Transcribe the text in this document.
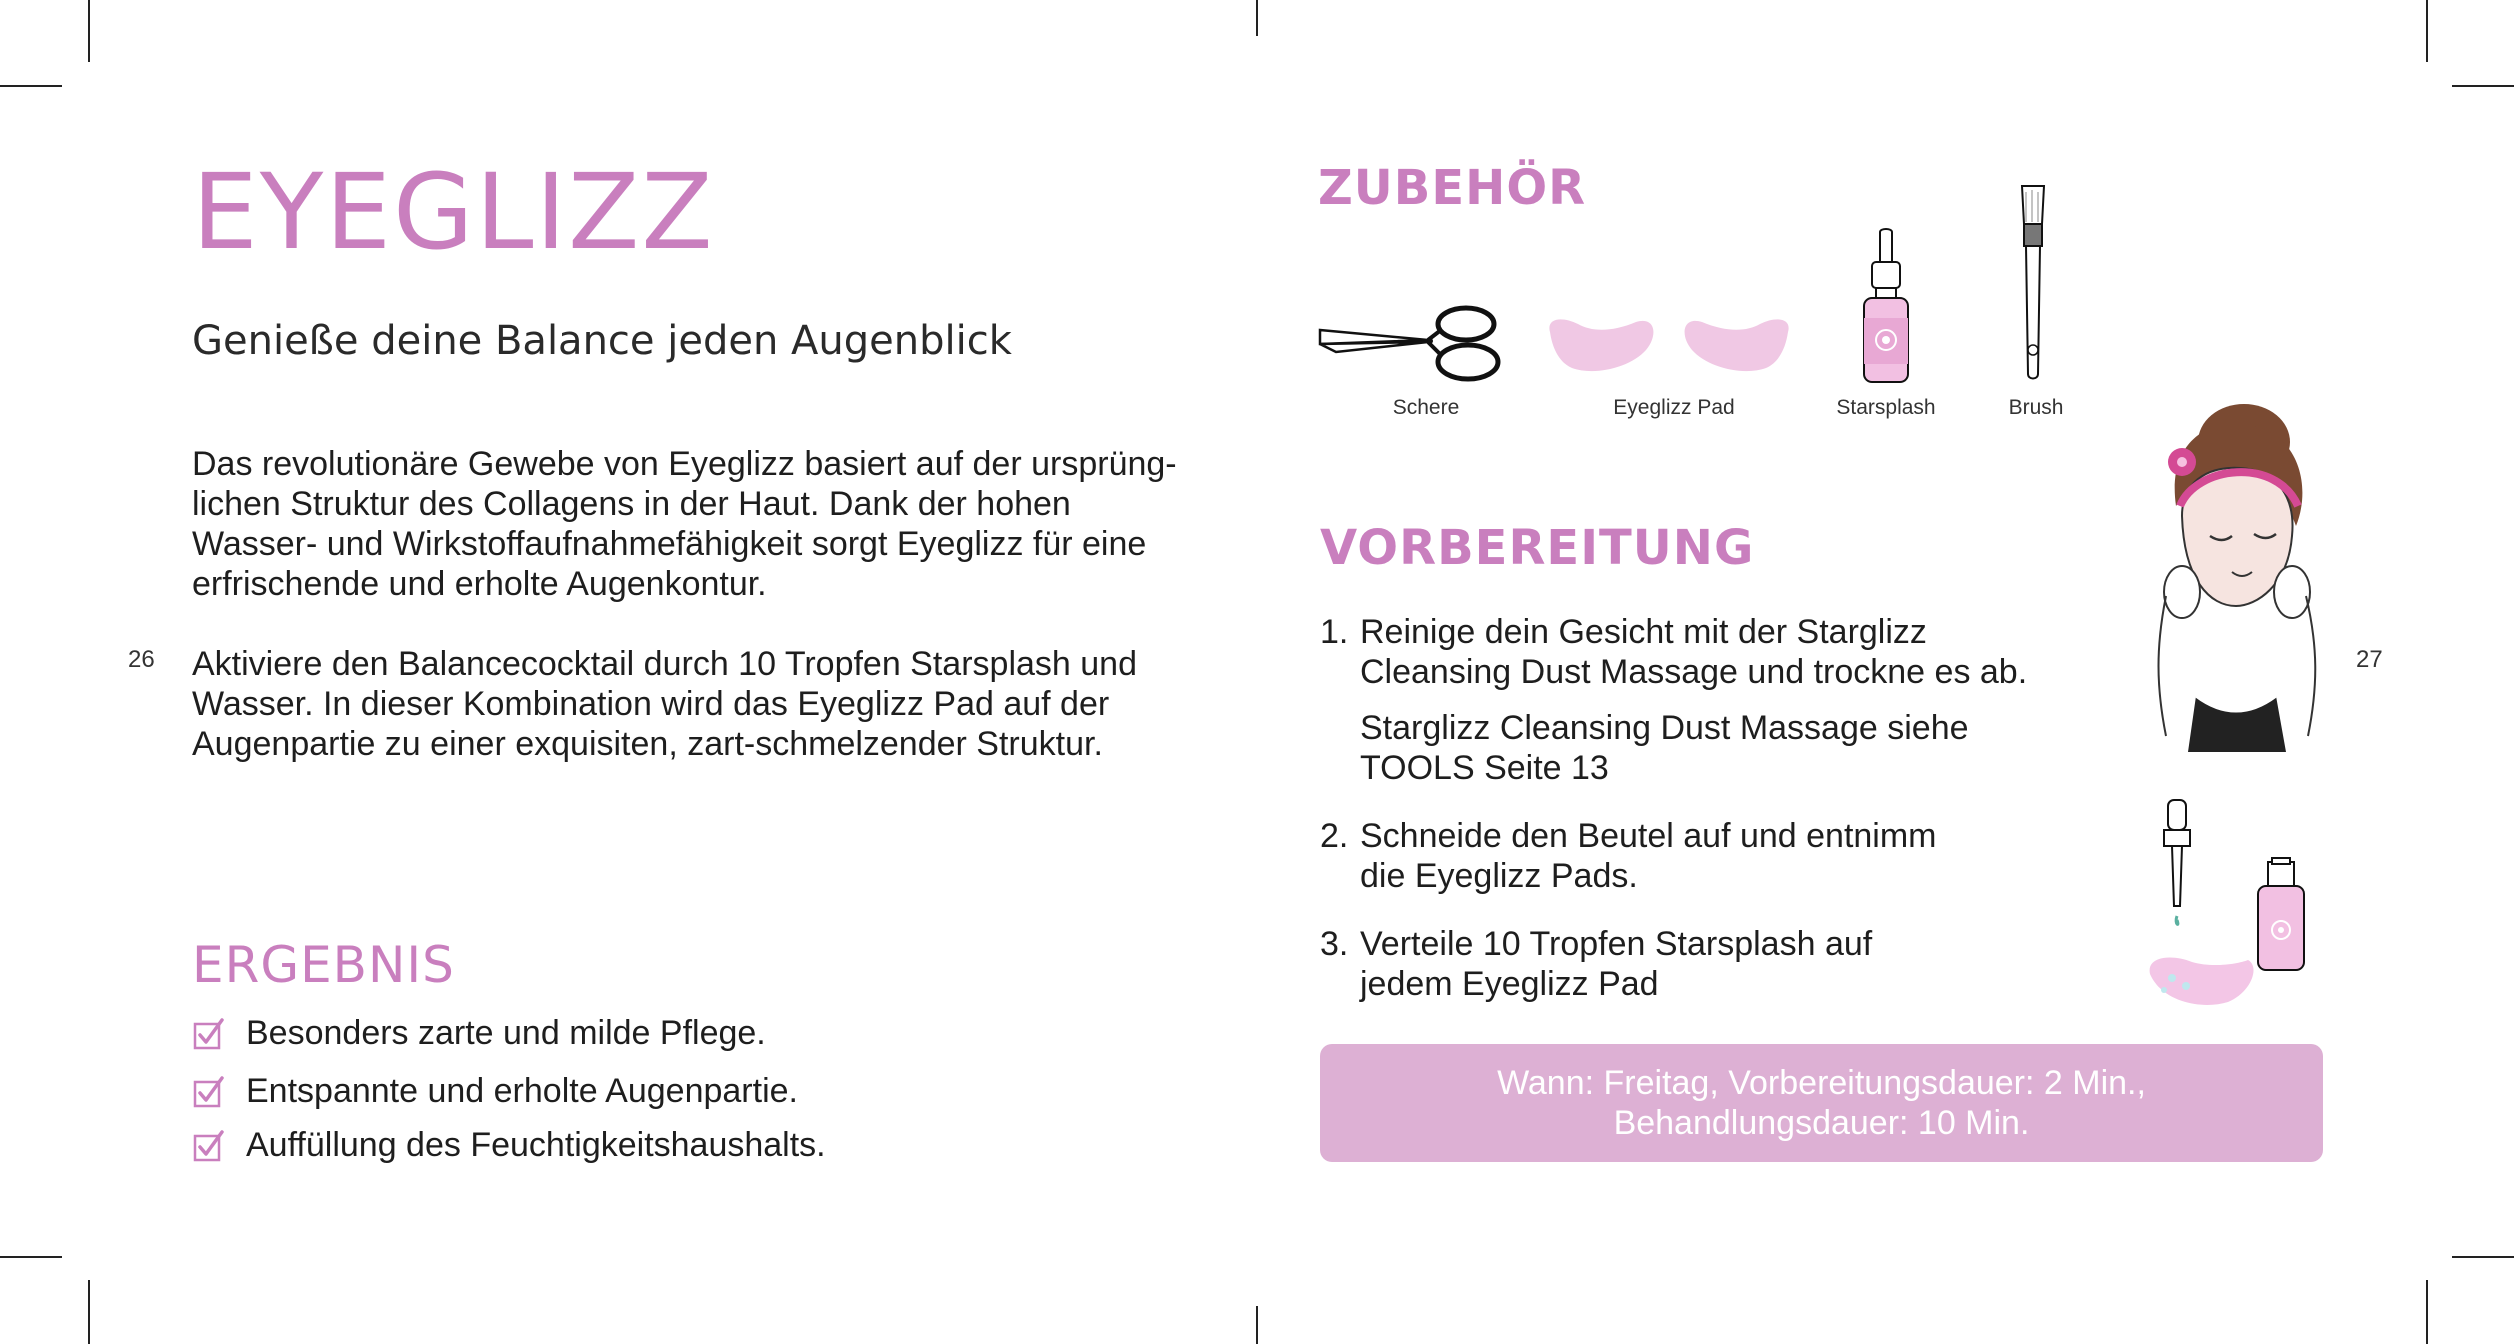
26
EYEGLIZZ
Genieße deine Balance jeden Augenblick
Das revolutionäre Gewebe von Eyeglizz basiert auf der ursprüng-
lichen Struktur des Collagens in der Haut. Dank der hohen
Wasser- und Wirkstoffaufnahmefähigkeit sorgt Eyeglizz für eine
erfrischende und erholte Augenkontur.
Aktiviere den Balancecocktail durch 10 Tropfen Starsplash und
Wasser. In dieser Kombination wird das Eyeglizz Pad auf der
Augenpartie zu einer exquisiten, zart-schmelzender Struktur.
ERGEBNIS
Besonders zarte und milde Pflege.
Entspannte und erholte Augenpartie.
Auffüllung des Feuchtigkeitshaushalts.
27
ZUBEHÖR
Schere	Eyeglizz Pad	Starsplash	Brush
VORBEREITUNG
1. Reinige dein Gesicht mit der Starglizz

Cleansing Dust Massage und trockne es ab.

Starglizz Cleansing Dust Massage siehe

TOOLS Seite 13

2. Schneide den Beutel auf und entnimm

die Eyeglizz Pads.

3. Verteile 10 Tropfen Starsplash auf

jedem Eyeglizz Pad

Wann: Freitag, Vorbereitungsdauer: 2 Min.,
Behandlungsdauer: 10 Min.
